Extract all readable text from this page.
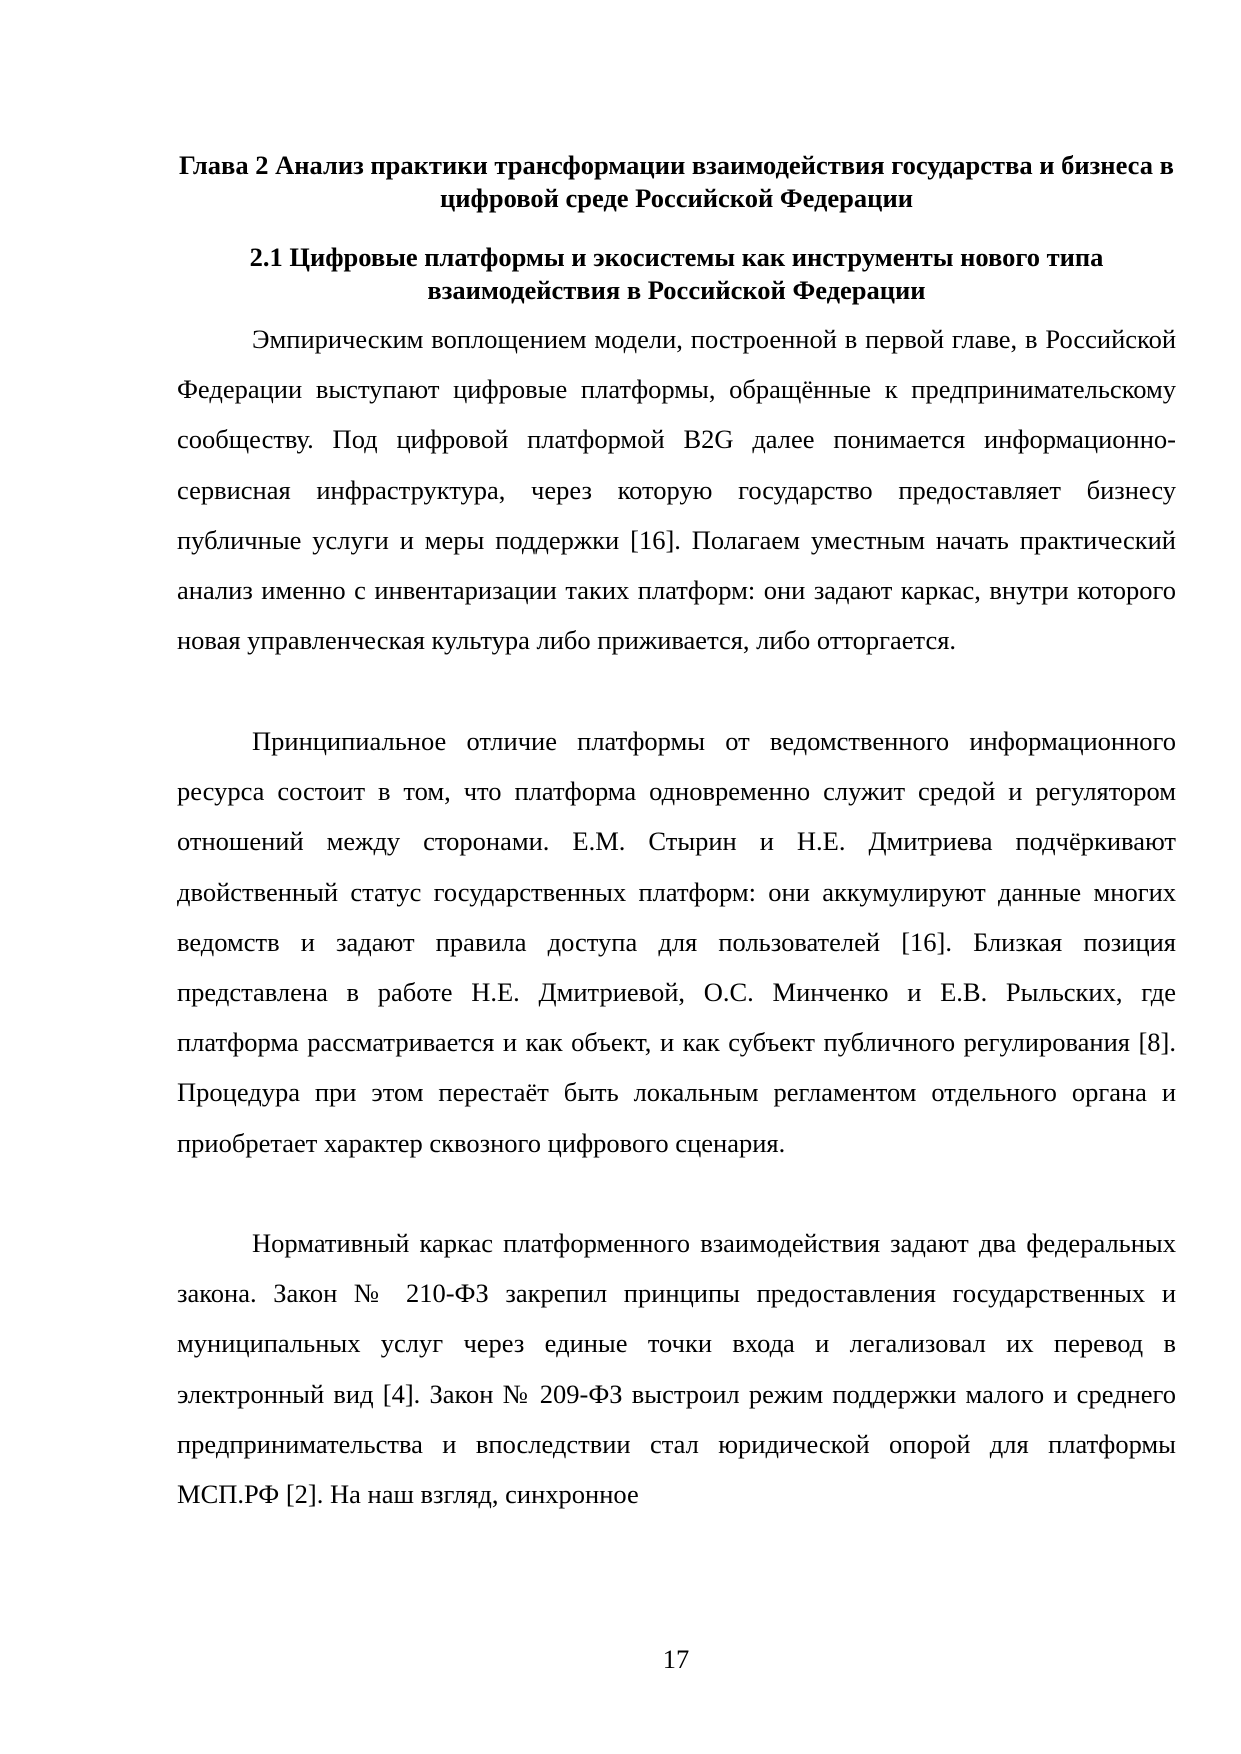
Глава 2 Анализ практики трансформации взаимодействия государства и бизнеса в цифровой среде Российской Федерации
2.1 Цифровые платформы и экосистемы как инструменты нового типа взаимодействия в Российской Федерации

Эмпирическим воплощением модели, построенной в первой главе, в Российской Федерации выступают цифровые платформы, обращённые к предпринимательскому сообществу. Под цифровой платформой B2G далее понимается информационно-сервисная инфраструктура, через которую государство предоставляет бизнесу публичные услуги и меры поддержки [16]. Полагаем уместным начать практический анализ именно с инвентаризации таких платформ: они задают каркас, внутри которого новая управленческая культура либо приживается, либо отторгается.

Принципиальное отличие платформы от ведомственного информационного ресурса состоит в том, что платформа одновременно служит средой и регулятором отношений между сторонами. Е.М. Стырин и Н.Е. Дмитриева подчёркивают двойственный статус государственных платформ: они аккумулируют данные многих ведомств и задают правила доступа для пользователей [16]. Близкая позиция представлена в работе Н.Е. Дмитриевой, О.С. Минченко и Е.В. Рыльских, где платформа рассматривается и как объект, и как субъект публичного регулирования [8]. Процедура при этом перестаёт быть локальным регламентом отдельного органа и приобретает характер сквозного цифрового сценария.

Нормативный каркас платформенного взаимодействия задают два федеральных закона. Закон № 210-ФЗ закрепил принципы предоставления государственных и муниципальных услуг через единые точки входа и легализовал их перевод в электронный вид [4]. Закон № 209-ФЗ выстроил режим поддержки малого и среднего предпринимательства и впоследствии стал юридической опорой для платформы МСП.РФ [2]. На наш взгляд, синхронное

17
